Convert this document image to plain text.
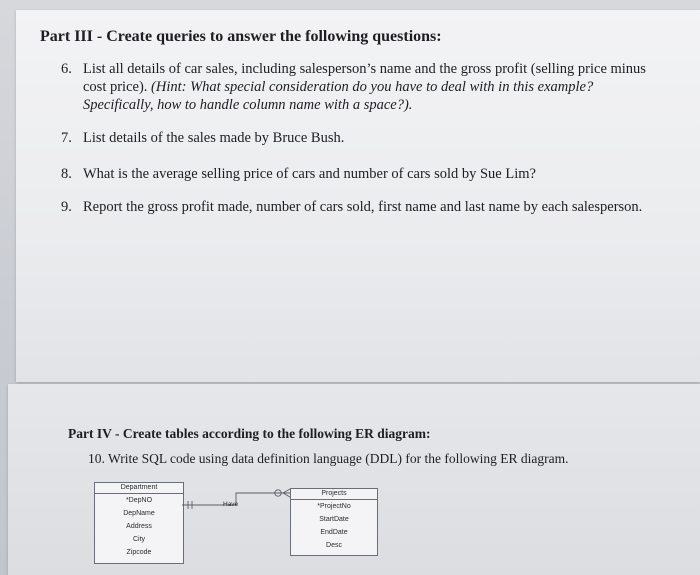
Part III - Create queries to answer the following questions:
6. List all details of car sales, including salesperson’s name and the gross profit (selling price minus
cost price). (Hint: What special consideration do you have to deal with in this example?
Specifically, how to handle column name with a space?).
7. List details of the sales made by Bruce Bush.
8. What is the average selling price of cars and number of cars sold by Sue Lim?
9. Report the gross profit made, number of cars sold, first name and last name by each salesperson.
Part IV - Create tables according to the following ER diagram:
10. Write SQL code using data definition language (DDL) for the following ER diagram.
Department
*DepNO
DepName
Address
City
Zipcode
Projects
*ProjectNo
StartDate
EndDate
Desc
Have
